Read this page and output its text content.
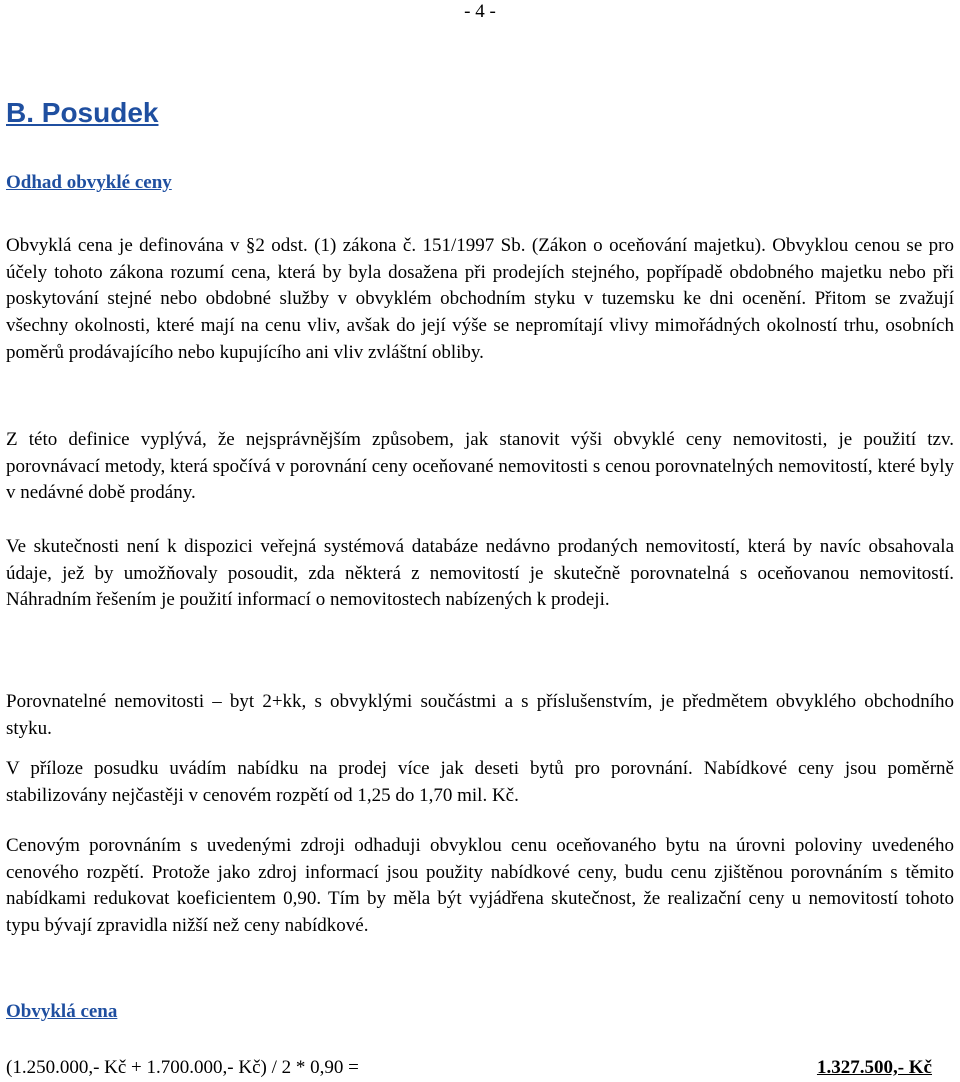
- 4 -
B. Posudek
Odhad obvyklé ceny

Obvyklá cena je definována v §2 odst. (1) zákona č. 151/1997 Sb. (Zákon o oceňování majetku). Obvyklou cenou se pro účely tohoto zákona rozumí cena, která by byla dosažena při prodejích stejného, popřípadě obdobného majetku nebo při poskytování stejné nebo obdobné služby v obvyklém obchodním styku v tuzemsku ke dni ocenění. Přitom se zvažují všechny okolnosti, které mají na cenu vliv, avšak do její výše se nepromítají vlivy mimořádných okolností trhu, osobních poměrů prodávajícího nebo kupujícího ani vliv zvláštní obliby.

Z této definice vyplývá, že nejsprávnějším způsobem, jak stanovit výši obvyklé ceny nemovitosti, je použití tzv. porovnávací metody, která spočívá v porovnání ceny oceňované nemovitosti s cenou porovnatelných nemovitostí, které byly v nedávné době prodány.

Ve skutečnosti není k dispozici veřejná systémová databáze nedávno prodaných nemovitostí, která by navíc obsahovala údaje, jež by umožňovaly posoudit, zda některá z nemovitostí je skutečně porovnatelná s oceňovanou nemovitostí. Náhradním řešením je použití informací o nemovitostech nabízených k prodeji.

Porovnatelné nemovitosti – byt 2+kk, s obvyklými součástmi a s příslušenstvím, je předmětem obvyklého obchodního styku.

V příloze posudku uvádím nabídku na prodej více jak deseti bytů pro porovnání. Nabídkové ceny jsou poměrně stabilizovány nejčastěji v cenovém rozpětí od 1,25 do 1,70 mil. Kč.

Cenovým porovnáním s uvedenými zdroji odhaduji obvyklou cenu oceňovaného bytu na úrovni poloviny uvedeného cenového rozpětí. Protože jako zdroj informací jsou použity nabídkové ceny, budu cenu zjištěnou porovnáním s těmito nabídkami redukovat koeficientem 0,90. Tím by měla být vyjádřena skutečnost, že realizační ceny u nemovitostí tohoto typu bývají zpravidla nižší než ceny nabídkové.

Obvyklá cena
(1.250.000,- Kč + 1.700.000,- Kč) / 2 * 0,90 =	1.327.500,- Kč
